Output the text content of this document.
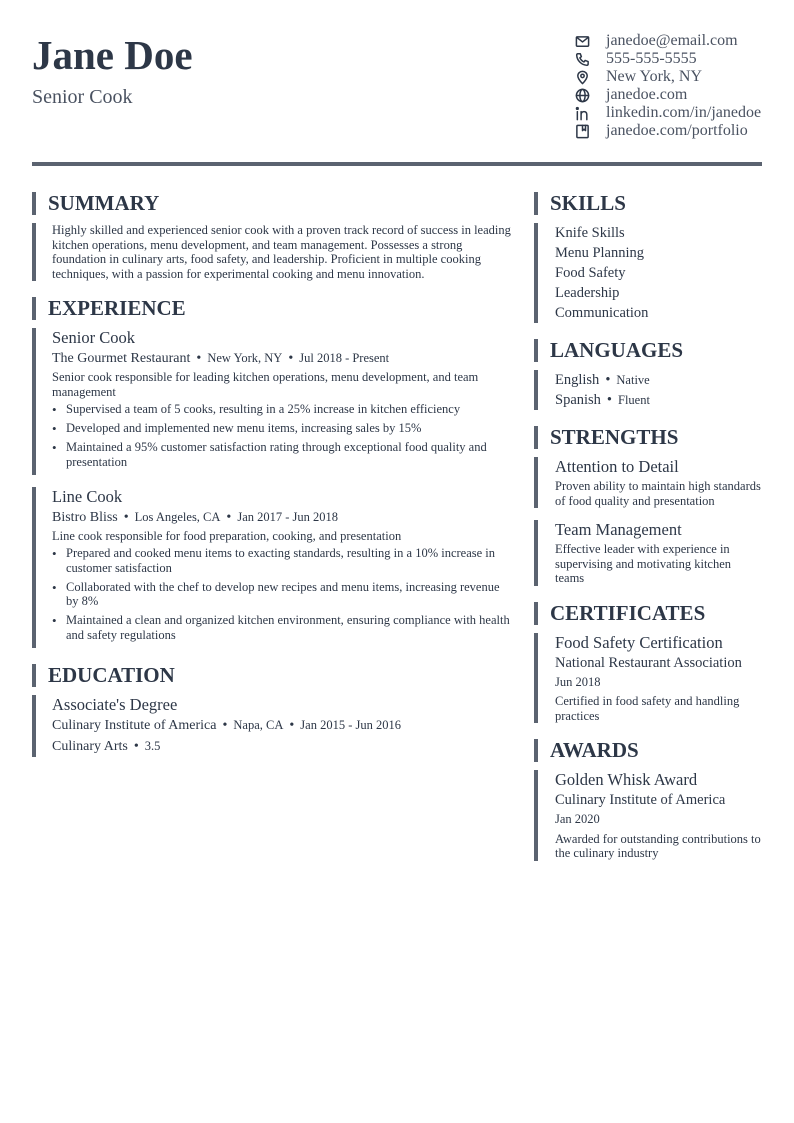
Jane Doe
Senior Cook
janedoe@email.com
555-555-5555
New York, NY
janedoe.com
linkedin.com/in/janedoe
janedoe.com/portfolio
SUMMARY
Highly skilled and experienced senior cook with a proven track record of success in leading kitchen operations, menu development, and team management. Possesses a strong foundation in culinary arts, food safety, and leadership. Proficient in multiple cooking techniques, with a passion for experimental cooking and menu innovation.
EXPERIENCE
Senior Cook
The Gourmet Restaurant • New York, NY • Jul 2018 - Present
Senior cook responsible for leading kitchen operations, menu development, and team management
• Supervised a team of 5 cooks, resulting in a 25% increase in kitchen efficiency
• Developed and implemented new menu items, increasing sales by 15%
• Maintained a 95% customer satisfaction rating through exceptional food quality and presentation
Line Cook
Bistro Bliss • Los Angeles, CA • Jan 2017 - Jun 2018
Line cook responsible for food preparation, cooking, and presentation
• Prepared and cooked menu items to exacting standards, resulting in a 10% increase in customer satisfaction
• Collaborated with the chef to develop new recipes and menu items, increasing revenue by 8%
• Maintained a clean and organized kitchen environment, ensuring compliance with health and safety regulations
EDUCATION
Associate's Degree
Culinary Institute of America • Napa, CA • Jan 2015 - Jun 2016
Culinary Arts • 3.5
SKILLS
Knife Skills
Menu Planning
Food Safety
Leadership
Communication
LANGUAGES
English • Native
Spanish • Fluent
STRENGTHS
Attention to Detail
Proven ability to maintain high standards of food quality and presentation
Team Management
Effective leader with experience in supervising and motivating kitchen teams
CERTIFICATES
Food Safety Certification
National Restaurant Association
Jun 2018
Certified in food safety and handling practices
AWARDS
Golden Whisk Award
Culinary Institute of America
Jan 2020
Awarded for outstanding contributions to the culinary industry
